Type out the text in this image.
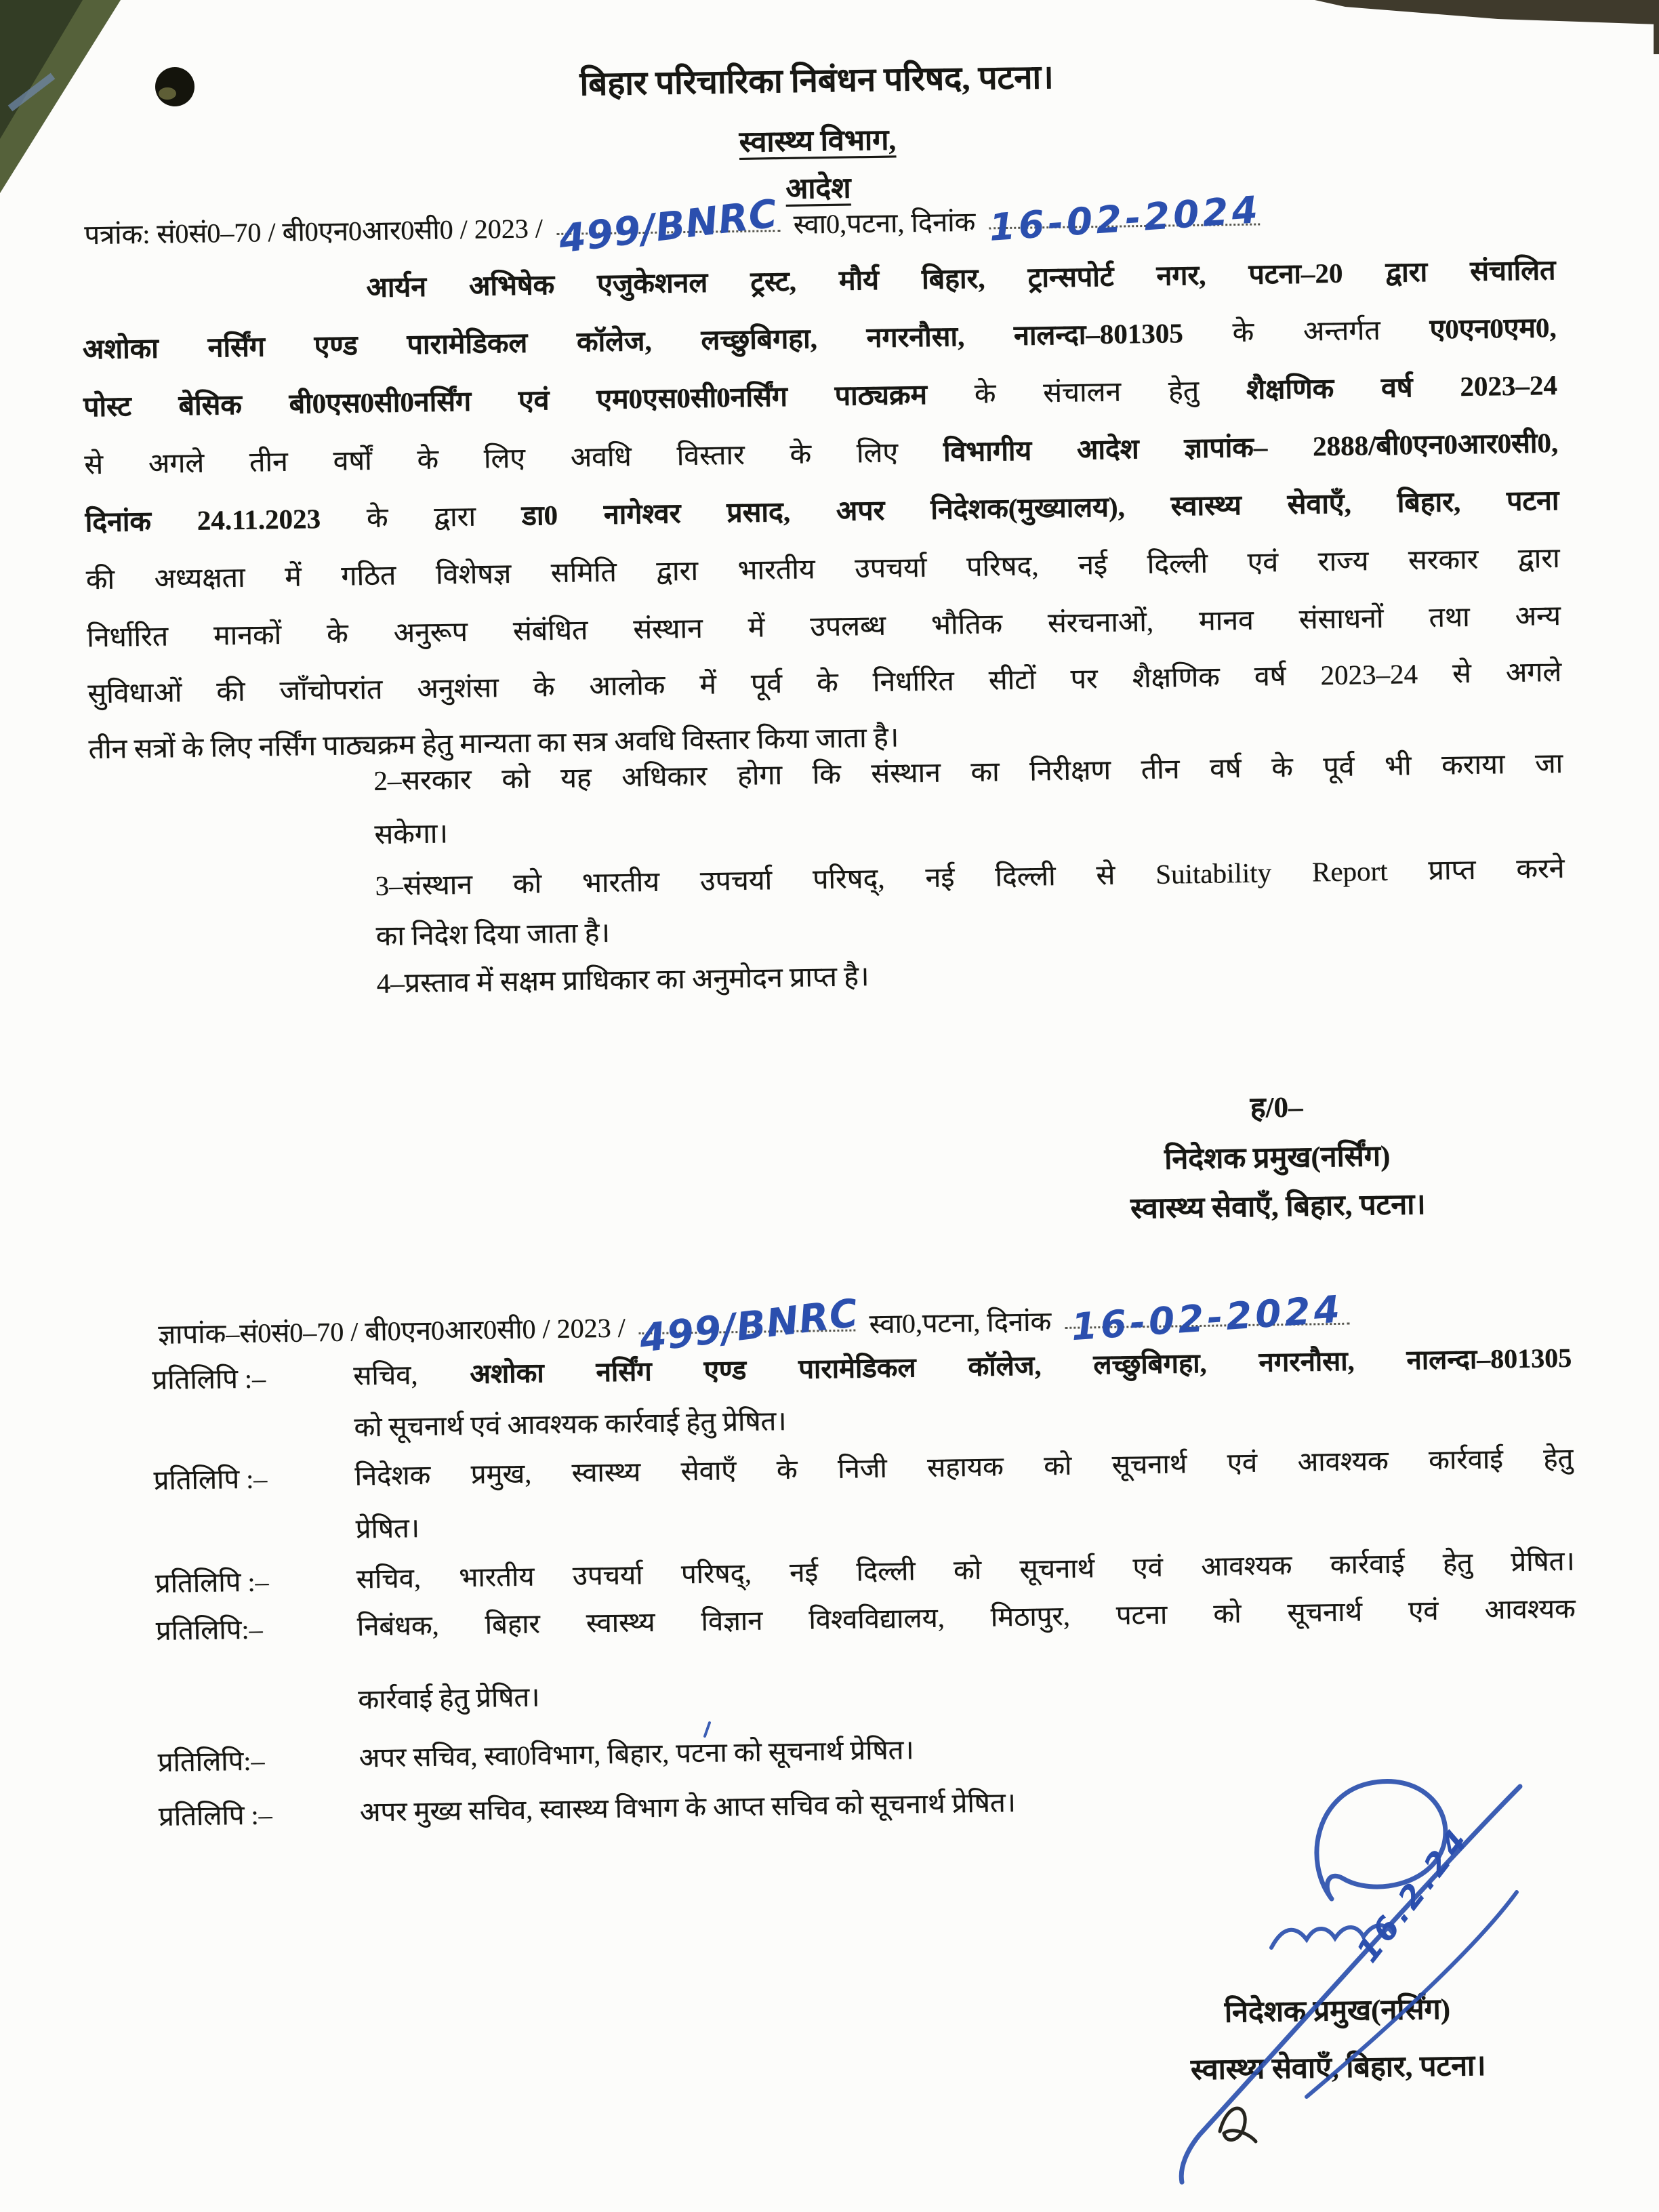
बिहार परिचारिका निबंधन परिषद, पटना।
स्वास्थ्य विभाग,
आदेश
पत्रांक: सं0सं0–70 / बी0एन0आर0सी0 / 2023 / 499/BNRC स्वा0,पटना, दिनांक 16-02-2024
आर्यन अभिषेक एजुकेशनल ट्रस्ट, मौर्य बिहार, ट्रान्सपोर्ट नगर, पटना–20 द्वारा संचालित
अशोका नर्सिंग एण्ड पारामेडिकल कॉलेज, लच्छुबिगहा, नगरनौसा, नालन्दा–801305 के अन्तर्गत ए0एन0एम0,
पोस्ट बेसिक बी0एस0सी0नर्सिंग एवं एम0एस0सी0नर्सिंग पाठ्यक्रम के संचालन हेतु शैक्षणिक वर्ष 2023–24
से अगले तीन वर्षों के लिए अवधि विस्तार के लिए विभागीय आदेश ज्ञापांक– 2888/बी0एन0आर0सी0,
दिनांक 24.11.2023 के द्वारा डा0 नागेश्वर प्रसाद, अपर निदेशक(मुख्यालय), स्वास्थ्य सेवाएँ, बिहार, पटना
की अध्यक्षता में गठित विशेषज्ञ समिति द्वारा भारतीय उपचर्या परिषद, नई दिल्ली एवं राज्य सरकार द्वारा
निर्धारित मानकों के अनुरूप संबंधित संस्थान में उपलब्ध भौतिक संरचनाओं, मानव संसाधनों तथा अन्य
सुविधाओं की जाँचोपरांत अनुशंसा के आलोक में पूर्व के निर्धारित सीटों पर शैक्षणिक वर्ष 2023–24 से अगले
तीन सत्रों के लिए नर्सिंग पाठ्यक्रम हेतु मान्यता का सत्र अवधि विस्तार किया जाता है।
2–सरकार को यह अधिकार होगा कि संस्थान का निरीक्षण तीन वर्ष के पूर्व भी कराया जा
सकेगा।
3–संस्थान को भारतीय उपचर्या परिषद्, नई दिल्ली से Suitability Report प्राप्त करने
का निदेश दिया जाता है।
4–प्रस्ताव में सक्षम प्राधिकार का अनुमोदन प्राप्त है।
ह/0–
निदेशक प्रमुख(नर्सिंग)
स्वास्थ्य सेवाएँ, बिहार, पटना।
ज्ञापांक–सं0सं0–70 / बी0एन0आर0सी0 / 2023 / 499/BNRC स्वा0,पटना, दिनांक 16-02-2024
प्रतिलिपि :–	सचिव, अशोका नर्सिंग एण्ड पारामेडिकल कॉलेज, लच्छुबिगहा, नगरनौसा, नालन्दा–801305
को सूचनार्थ एवं आवश्यक कार्रवाई हेतु प्रेषित।
प्रतिलिपि :–	निदेशक प्रमुख, स्वास्थ्य सेवाएँ के निजी सहायक को सूचनार्थ एवं आवश्यक कार्रवाई हेतु
प्रेषित।
प्रतिलिपि :–	सचिव, भारतीय उपचर्या परिषद्, नई दिल्ली को सूचनार्थ एवं आवश्यक कार्रवाई हेतु प्रेषित।
प्रतिलिपि:–	निबंधक, बिहार स्वास्थ्य विज्ञान विश्वविद्यालय, मिठापुर, पटना को सूचनार्थ एवं आवश्यक
कार्रवाई हेतु प्रेषित।
प्रतिलिपि:–	अपर सचिव, स्वा0विभाग, बिहार, पटना को सूचनार्थ प्रेषित।
प्रतिलिपि :–	अपर मुख्य सचिव, स्वास्थ्य विभाग के आप्त सचिव को सूचनार्थ प्रेषित।
निदेशक प्रमुख(नर्सिंग)
स्वास्थ्य सेवाएँ, बिहार, पटना।
16.2.24
